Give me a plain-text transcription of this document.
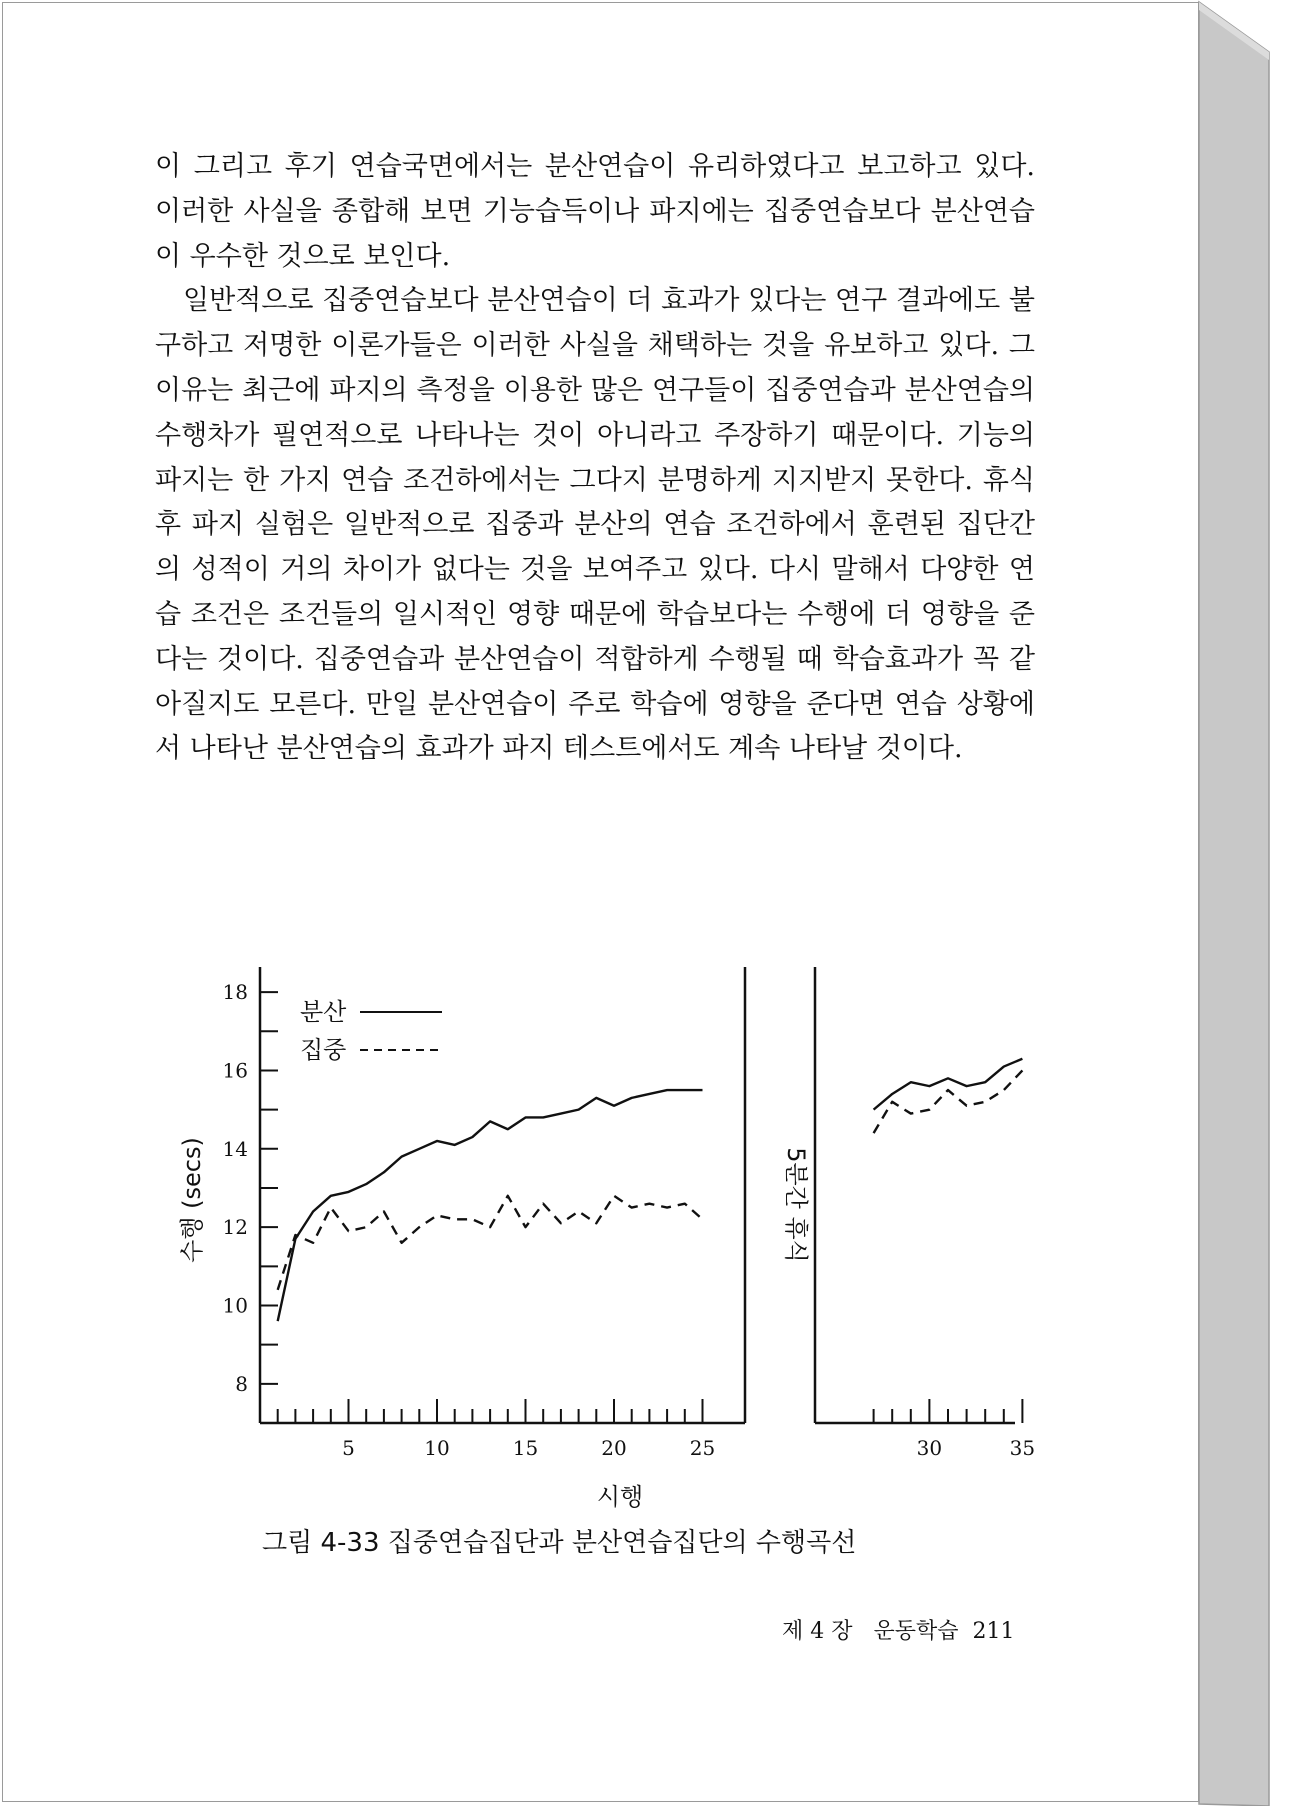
이 그리고 후기 연습국면에서는 분산연습이 유리하였다고 보고하고 있다. 이러한 사실을 종합해 보면 기능습득이나 파지에는 집중연습보다 분산연습이 우수한 것으로 보인다.

일반적으로 집중연습보다 분산연습이 더 효과가 있다는 연구 결과에도 불구하고 저명한 이론가들은 이러한 사실을 채택하는 것을 유보하고 있다. 그 이유는 최근에 파지의 측정을 이용한 많은 연구들이 집중연습과 분산연습의 수행차가 필연적으로 나타나는 것이 아니라고 주장하기 때문이다. 기능의 파지는 한 가지 연습 조건하에서는 그다지 분명하게 지지받지 못한다. 휴식 후 파지 실험은 일반적으로 집중과 분산의 연습 조건하에서 훈련된 집단간의 성적이 거의 차이가 없다는 것을 보여주고 있다. 다시 말해서 다양한 연습 조건은 조건들의 일시적인 영향 때문에 학습보다는 수행에 더 영향을 준다는 것이다. 집중연습과 분산연습이 적합하게 수행될 때 학습효과가 꼭 같아질지도 모른다. 만일 분산연습이 주로 학습에 영향을 준다면 연습 상황에서 나타난 분산연습의 효과가 파지 테스트에서도 계속 나타날 것이다.

5분간 휴식
수행 (secs)
시행
분산
집중
8
10
12
14
16
18
5	10	15	20	25	30	35
그림 4-33 집중연습집단과 분산연습집단의 수행곡선
제 4 장 운동학습 211
